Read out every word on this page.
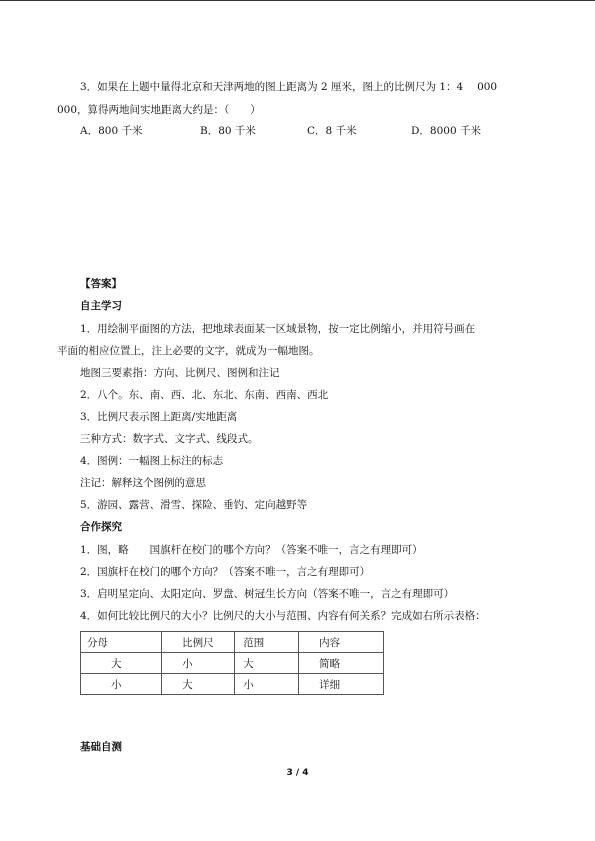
3．如果在上题中量得北京和天津两地的图上距离为 2 厘米，图上的比例尺为 1：4　 000
000，算得两地间实地距离大约是：（　　）
A．800 千米	B．80 千米	C．8 千米	D．8000 千米
【答案】
自主学习
1．用绘制平面图的方法，把地球表面某一区域景物，按一定比例缩小，并用符号画在
平面的相应位置上，注上必要的文字，就成为一幅地图。
地图三要素指：方向、比例尺、图例和注记
2．八个。东、南、西、北、东北、东南、西南、西北
3．比例尺表示图上距离/实地距离
三种方式：数字式、文字式、线段式。
4．图例：一幅图上标注的标志
注记：解释这个图例的意思
5．游园、露营、滑雪、探险、垂钓、定向越野等
合作探究
1．图，略　　国旗杆在校门的哪个方向？（答案不唯一，言之有理即可）
2．国旗杆在校门的哪个方向？（答案不唯一，言之有理即可）
3．启明星定向、太阳定向、罗盘、树冠生长方向（答案不唯一，言之有理即可）
4．如何比较比例尺的大小？比例尺的大小与范围、内容有何关系？完成如右所示表格：
分母	比例尺	范围	内容
大	小	大	简略
小	大	小	详细
基础自测
3 / 4
